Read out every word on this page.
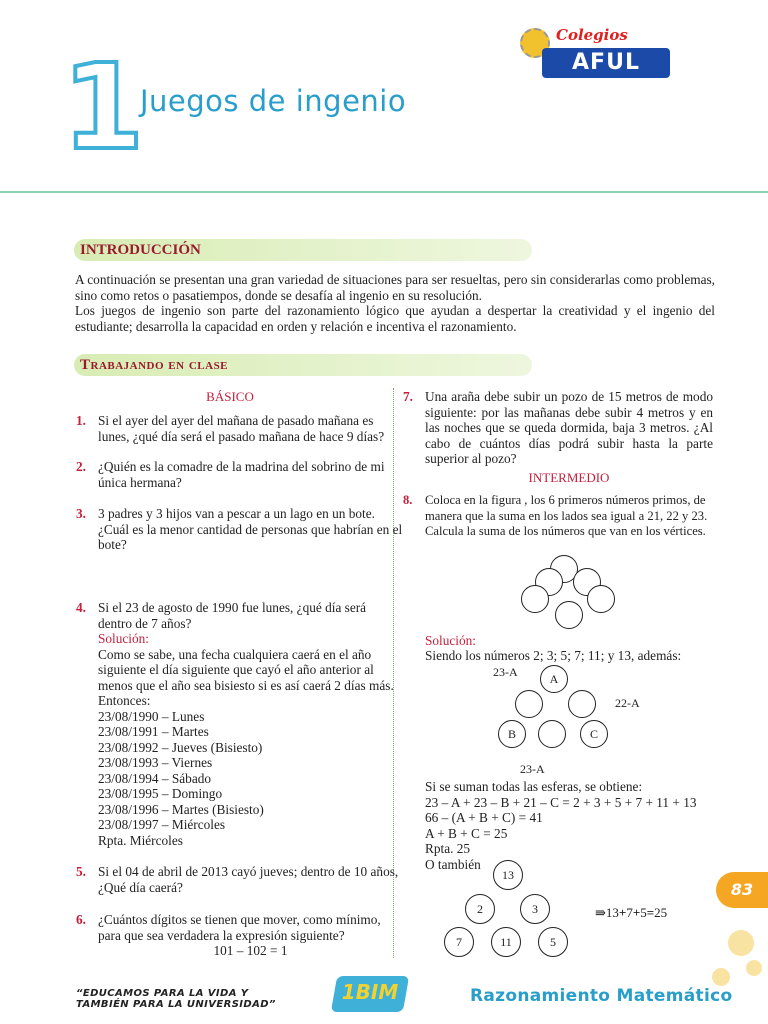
1
Juegos de ingenio
Colegios
AFUL
INTRODUCCIÓN
A continuación se presentan una gran variedad de situaciones para ser resueltas, pero sin considerarlas como problemas, sino como retos o pasatiempos, donde se desafía al ingenio en su resolución.
Los juegos de ingenio son parte del razonamiento lógico que ayudan a despertar la creatividad y el ingenio del estudiante; desarrolla la capacidad en orden y relación e incentiva el razonamiento.
Trabajando en clase
BÁSICO
1. Si el ayer del ayer del mañana de pasado mañana es lunes, ¿qué día será el pasado mañana de hace 9 días?
2. ¿Quién es la comadre de la madrina del sobrino de mi única hermana?
3. 3 padres y 3 hijos van a pescar a un lago en un bote. ¿Cuál es la menor cantidad de personas que habrían en el bote?
4. Si el 23 de agosto de 1990 fue lunes, ¿qué día será dentro de 7 años?
Solución:
Como se sabe, una fecha cualquiera caerá en el año siguiente el día siguiente que cayó el año anterior al menos que el año sea bisiesto si es así caerá 2 días más. Entonces:
23/08/1990 – Lunes
23/08/1991 – Martes
23/08/1992 – Jueves (Bisiesto)
23/08/1993 – Viernes
23/08/1994 – Sábado
23/08/1995 – Domingo
23/08/1996 – Martes (Bisiesto)
23/08/1997 – Miércoles
Rpta. Miércoles
5. Si el 04 de abril de 2013 cayó jueves; dentro de 10 años, ¿Qué día caerá?
6. ¿Cuántos dígitos se tienen que mover, como mínimo, para que sea verdadera la expresión siguiente?
101 – 102 = 1
7. Una araña debe subir un pozo de 15 metros de modo siguiente: por las mañanas debe subir 4 metros y en las noches que se queda dormida, baja 3 metros. ¿Al cabo de cuántos días podrá subir hasta la parte superior al pozo?
INTERMEDIO
8. Coloca en la figura , los 6 primeros números primos, de manera que la suma en los lados sea igual a 21, 22 y 23. Calcula la suma de los números que van en los vértices.
Solución:
Siendo los números 2; 3; 5; 7; 11; y 13, además:
23-A
22-A
23-A
A
B	C
Si se suman todas las esferas, se obtiene:
23 – A + 23 – B + 21 – C = 2 + 3 + 5 + 7 + 11 + 13
66 – (A + B + C) = 41
A + B + C = 25
Rpta. 25
O también
13
2	3
7	11	5
⇛13+7+5=25
83
“EDUCAMOS PARA LA VIDA Y
TAMBIÉN PARA LA UNIVERSIDAD”
1BIM	Razonamiento Matemático
